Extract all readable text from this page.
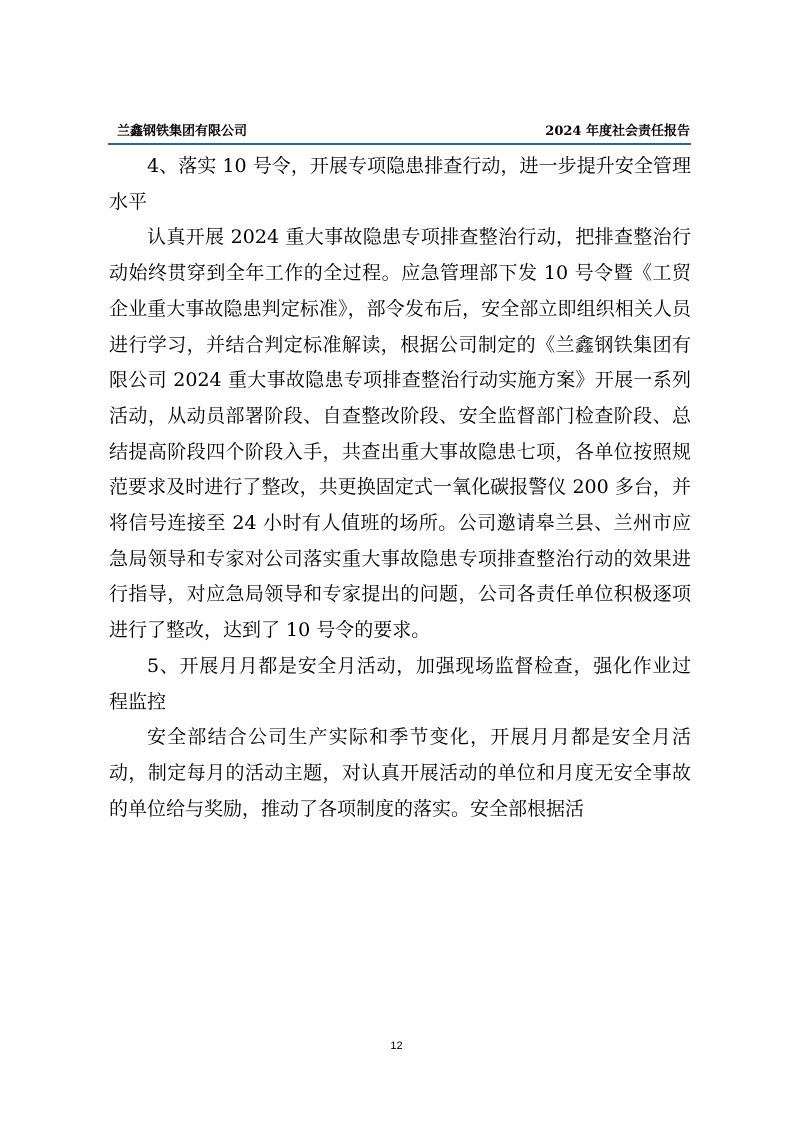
兰鑫钢铁集团有限公司	2024 年度社会责任报告

4、落实 10 号令，开展专项隐患排查行动，进一步提升安全管理水平

认真开展 2024 重大事故隐患专项排查整治行动，把排查整治行动始终贯穿到全年工作的全过程。应急管理部下发 10 号令暨《工贸企业重大事故隐患判定标准》，部令发布后，安全部立即组织相关人员进行学习，并结合判定标准解读，根据公司制定的《兰鑫钢铁集团有限公司 2024 重大事故隐患专项排查整治行动实施方案》开展一系列活动，从动员部署阶段、自查整改阶段、安全监督部门检查阶段、总结提高阶段四个阶段入手，共查出重大事故隐患七项，各单位按照规范要求及时进行了整改，共更换固定式一氧化碳报警仪 200 多台，并将信号连接至 24 小时有人值班的场所。公司邀请皋兰县、兰州市应急局领导和专家对公司落实重大事故隐患专项排查整治行动的效果进行指导，对应急局领导和专家提出的问题，公司各责任单位积极逐项进行了整改，达到了 10 号令的要求。

5、开展月月都是安全月活动，加强现场监督检查，强化作业过程监控

安全部结合公司生产实际和季节变化，开展月月都是安全月活动，制定每月的活动主题，对认真开展活动的单位和月度无安全事故的单位给与奖励，推动了各项制度的落实。安全部根据活

12
